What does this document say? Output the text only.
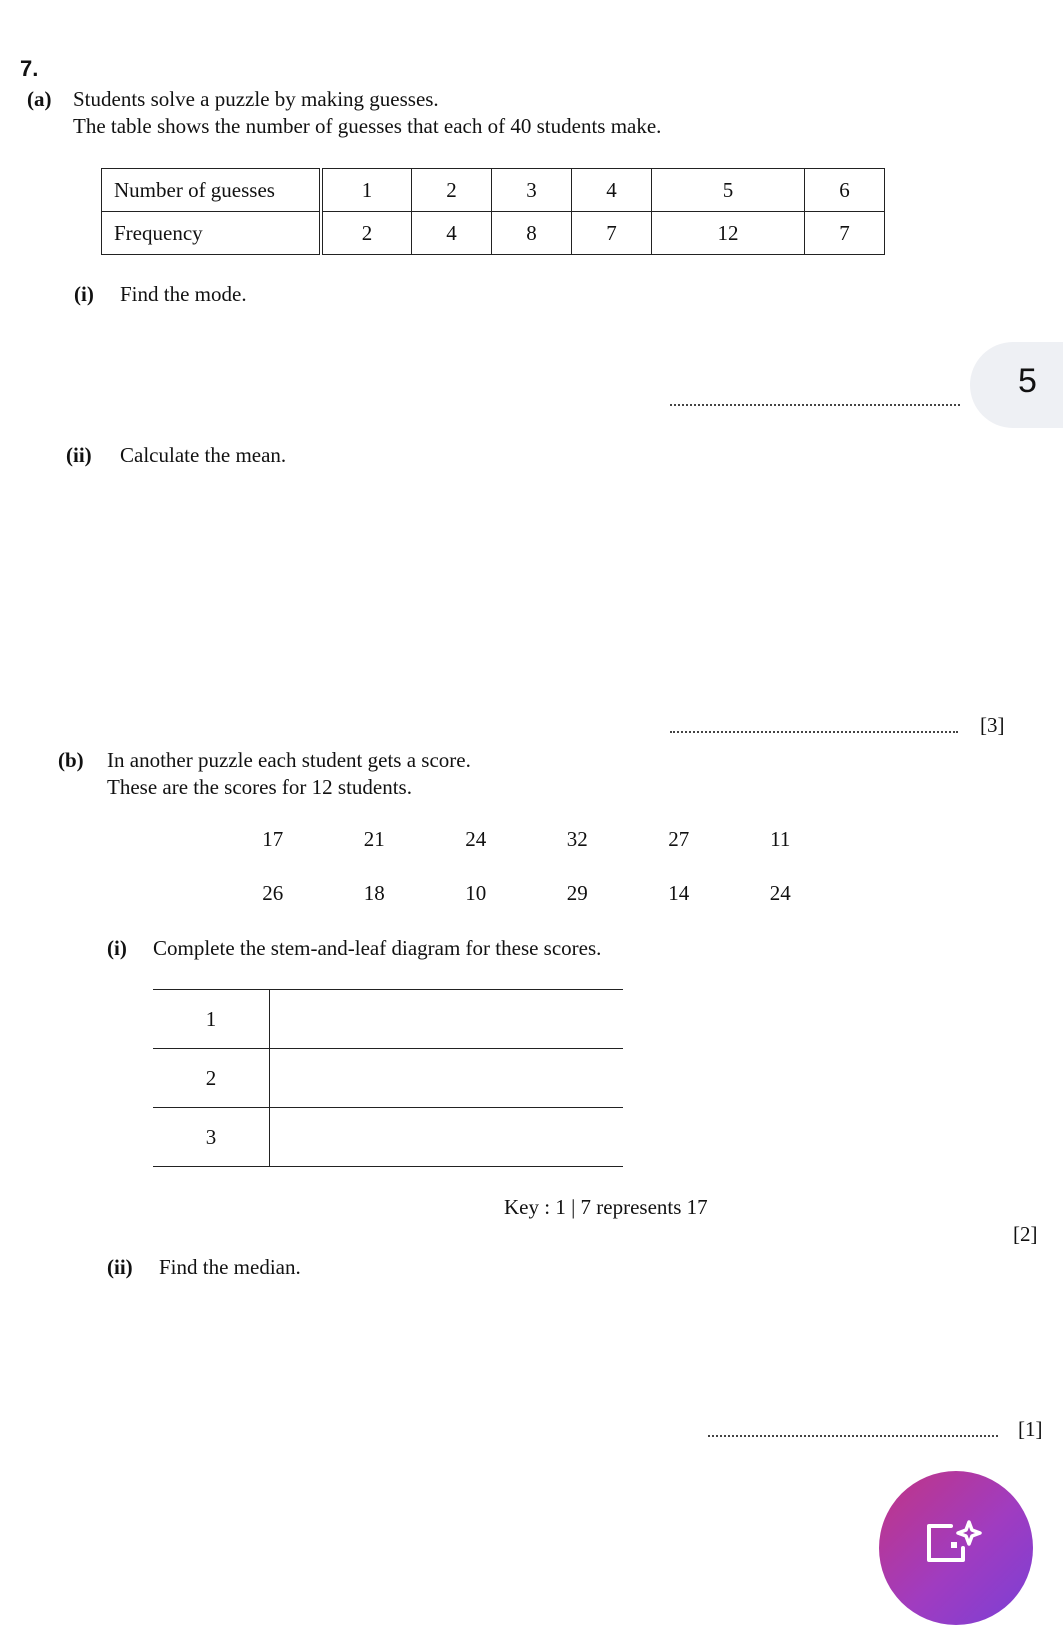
7.
(a) Students solve a puzzle by making guesses.
The table shows the number of guesses that each of 40 students make.
Number of guesses	1	2	3	4	5	6
Frequency	2	4	8	7	12	7
(i) Find the mode.
5
(ii) Calculate the mean.
[3]
(b) In another puzzle each student gets a score.
These are the scores for 12 students.
17	21	24	32	27	11
26	18	10	29	14	24
(i) Complete the stem-and-leaf diagram for these scores.
1
2
3
Key : 1 | 7 represents 17
[2]
(ii) Find the median.
[1]
